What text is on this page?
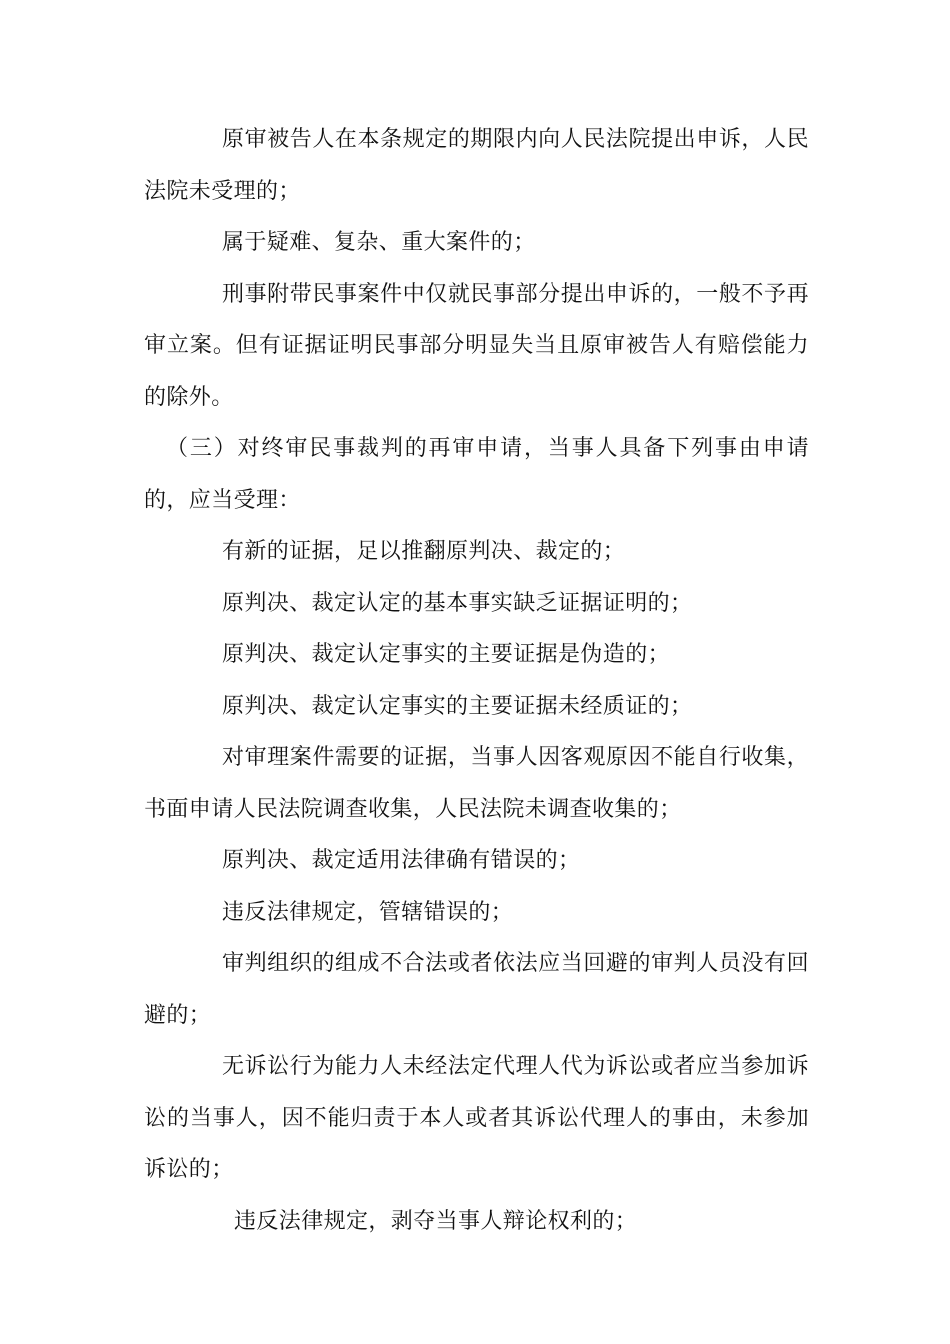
原审被告人在本条规定的期限内向人民法院提出申诉，人民法院未受理的；

属于疑难、复杂、重大案件的；

刑事附带民事案件中仅就民事部分提出申诉的，一般不予再审立案。但有证据证明民事部分明显失当且原审被告人有赔偿能力的除外。

（三）对终审民事裁判的再审申请，当事人具备下列事由申请的，应当受理：

有新的证据，足以推翻原判决、裁定的；

原判决、裁定认定的基本事实缺乏证据证明的；

原判决、裁定认定事实的主要证据是伪造的；

原判决、裁定认定事实的主要证据未经质证的；

对审理案件需要的证据，当事人因客观原因不能自行收集，书面申请人民法院调查收集，人民法院未调查收集的；

原判决、裁定适用法律确有错误的；

违反法律规定，管辖错误的；

审判组织的组成不合法或者依法应当回避的审判人员没有回避的；

无诉讼行为能力人未经法定代理人代为诉讼或者应当参加诉讼的当事人，因不能归责于本人或者其诉讼代理人的事由，未参加诉讼的；

违反法律规定，剥夺当事人辩论权利的；
